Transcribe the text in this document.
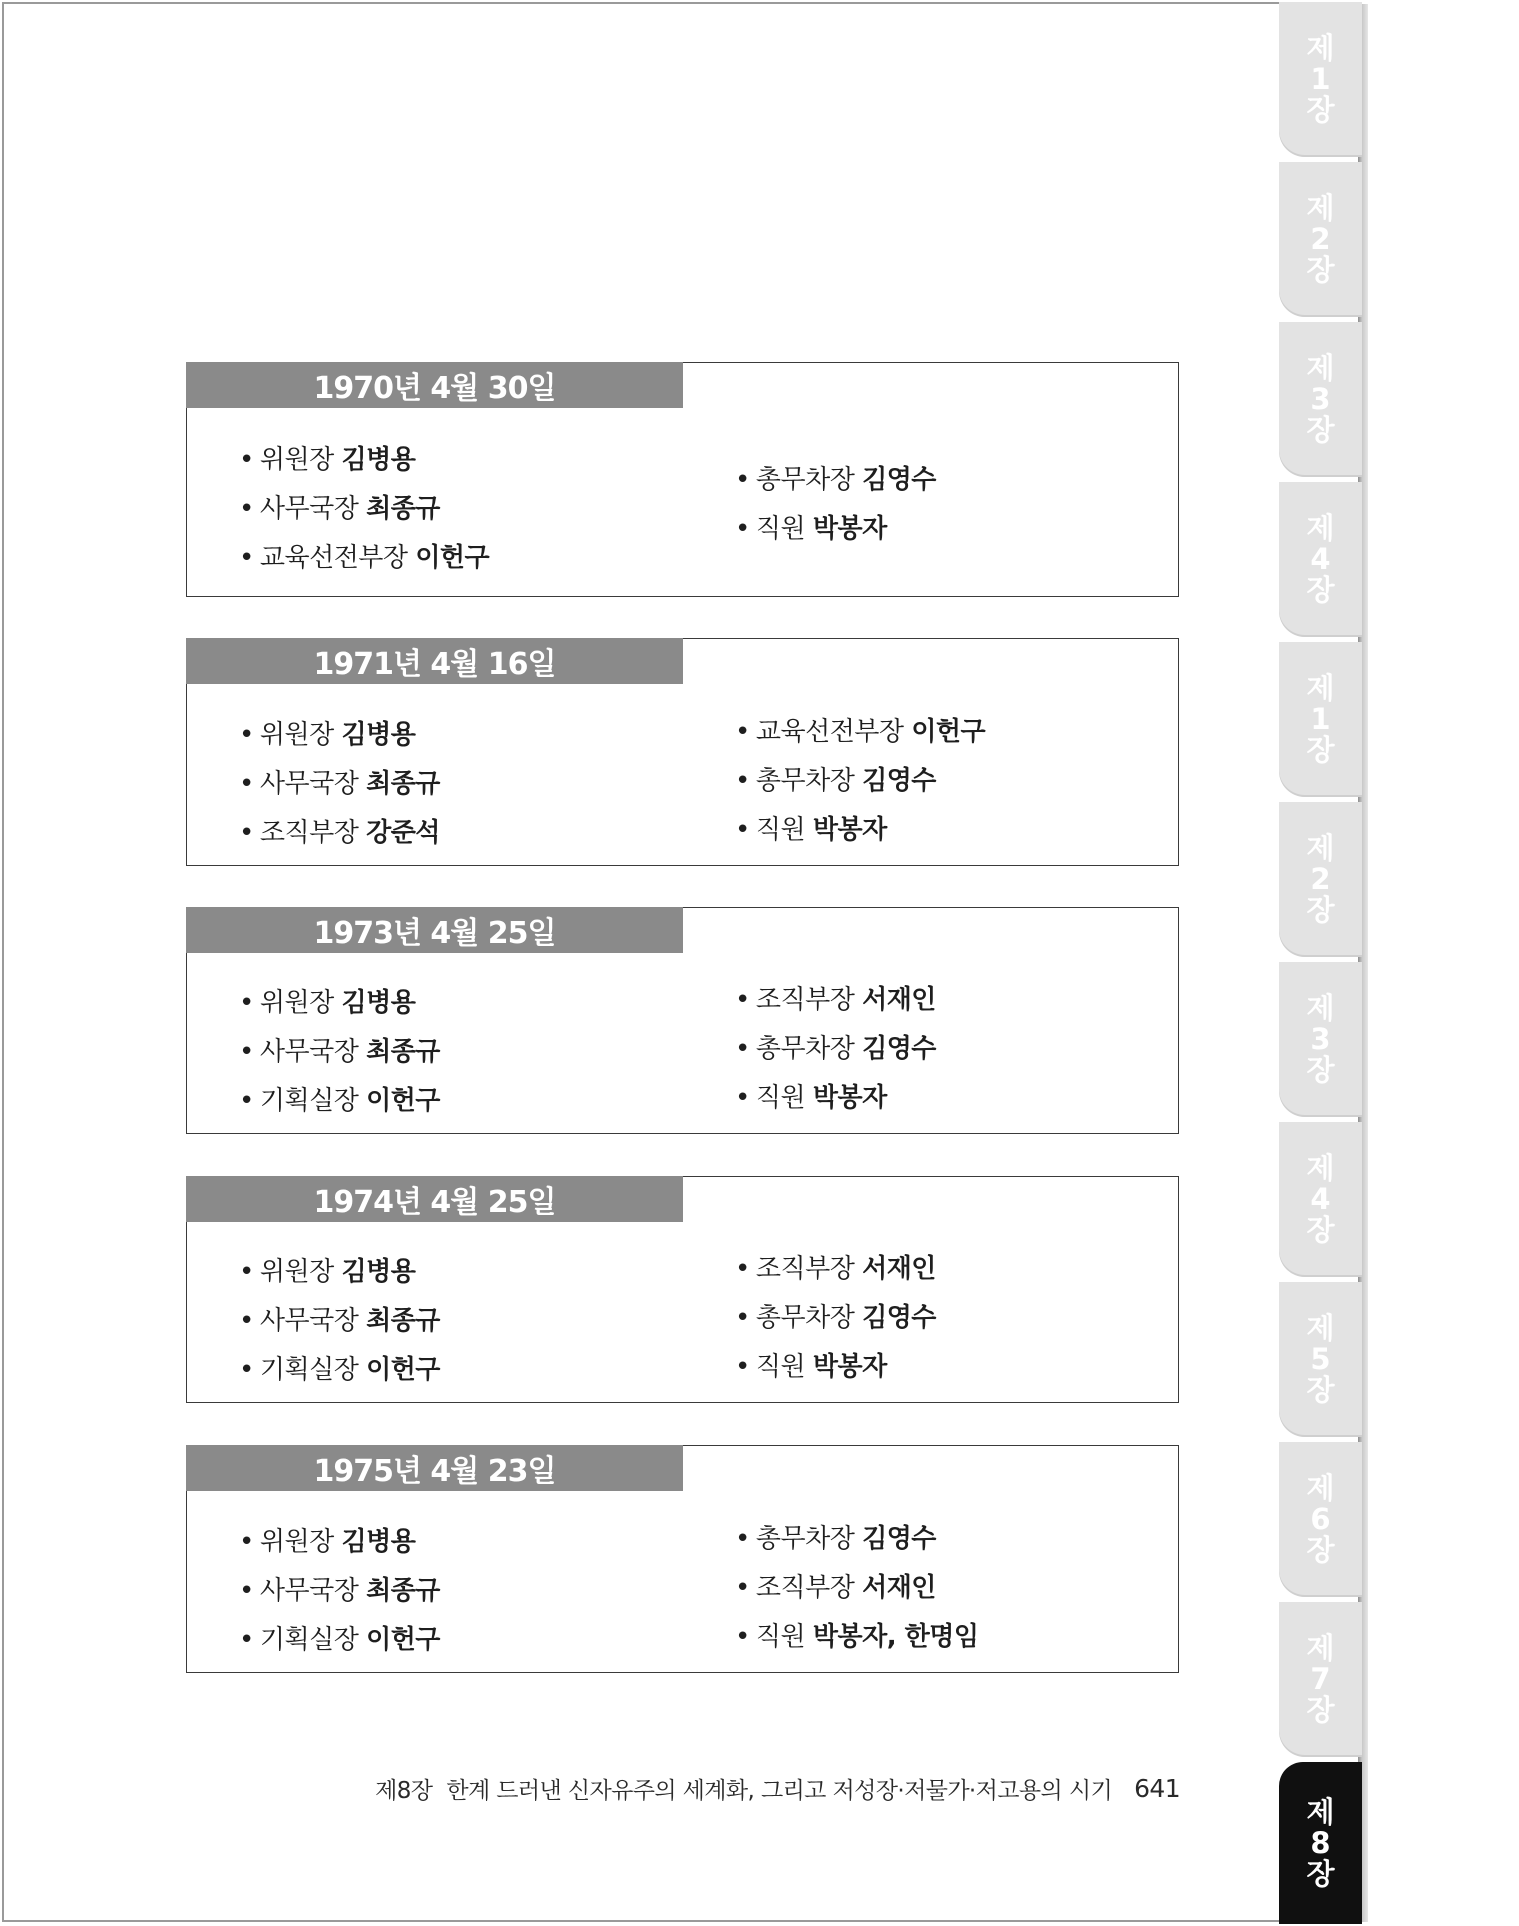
제
1
장
제
2
장
제
3
장
제
4
장
제
1
장
제
2
장
제
3
장
제
4
장
제
5
장
제
6
장
제
7
장
제
8
장
1970년 4월 30일
• 위원장 김병용
• 사무국장 최종규
• 교육선전부장 이헌구
• 총무차장 김영수
• 직원 박봉자
1971년 4월 16일
• 위원장 김병용
• 사무국장 최종규
• 조직부장 강준석
• 교육선전부장 이헌구
• 총무차장 김영수
• 직원 박봉자
1973년 4월 25일
• 위원장 김병용
• 사무국장 최종규
• 기획실장 이헌구
• 조직부장 서재인
• 총무차장 김영수
• 직원 박봉자
1974년 4월 25일
• 위원장 김병용
• 사무국장 최종규
• 기획실장 이헌구
• 조직부장 서재인
• 총무차장 김영수
• 직원 박봉자
1975년 4월 23일
• 위원장 김병용
• 사무국장 최종규
• 기획실장 이헌구
• 총무차장 김영수
• 조직부장 서재인
• 직원 박봉자, 한명임
제8장 한계 드러낸 신자유주의 세계화, 그리고 저성장·저물가·저고용의 시기 641
